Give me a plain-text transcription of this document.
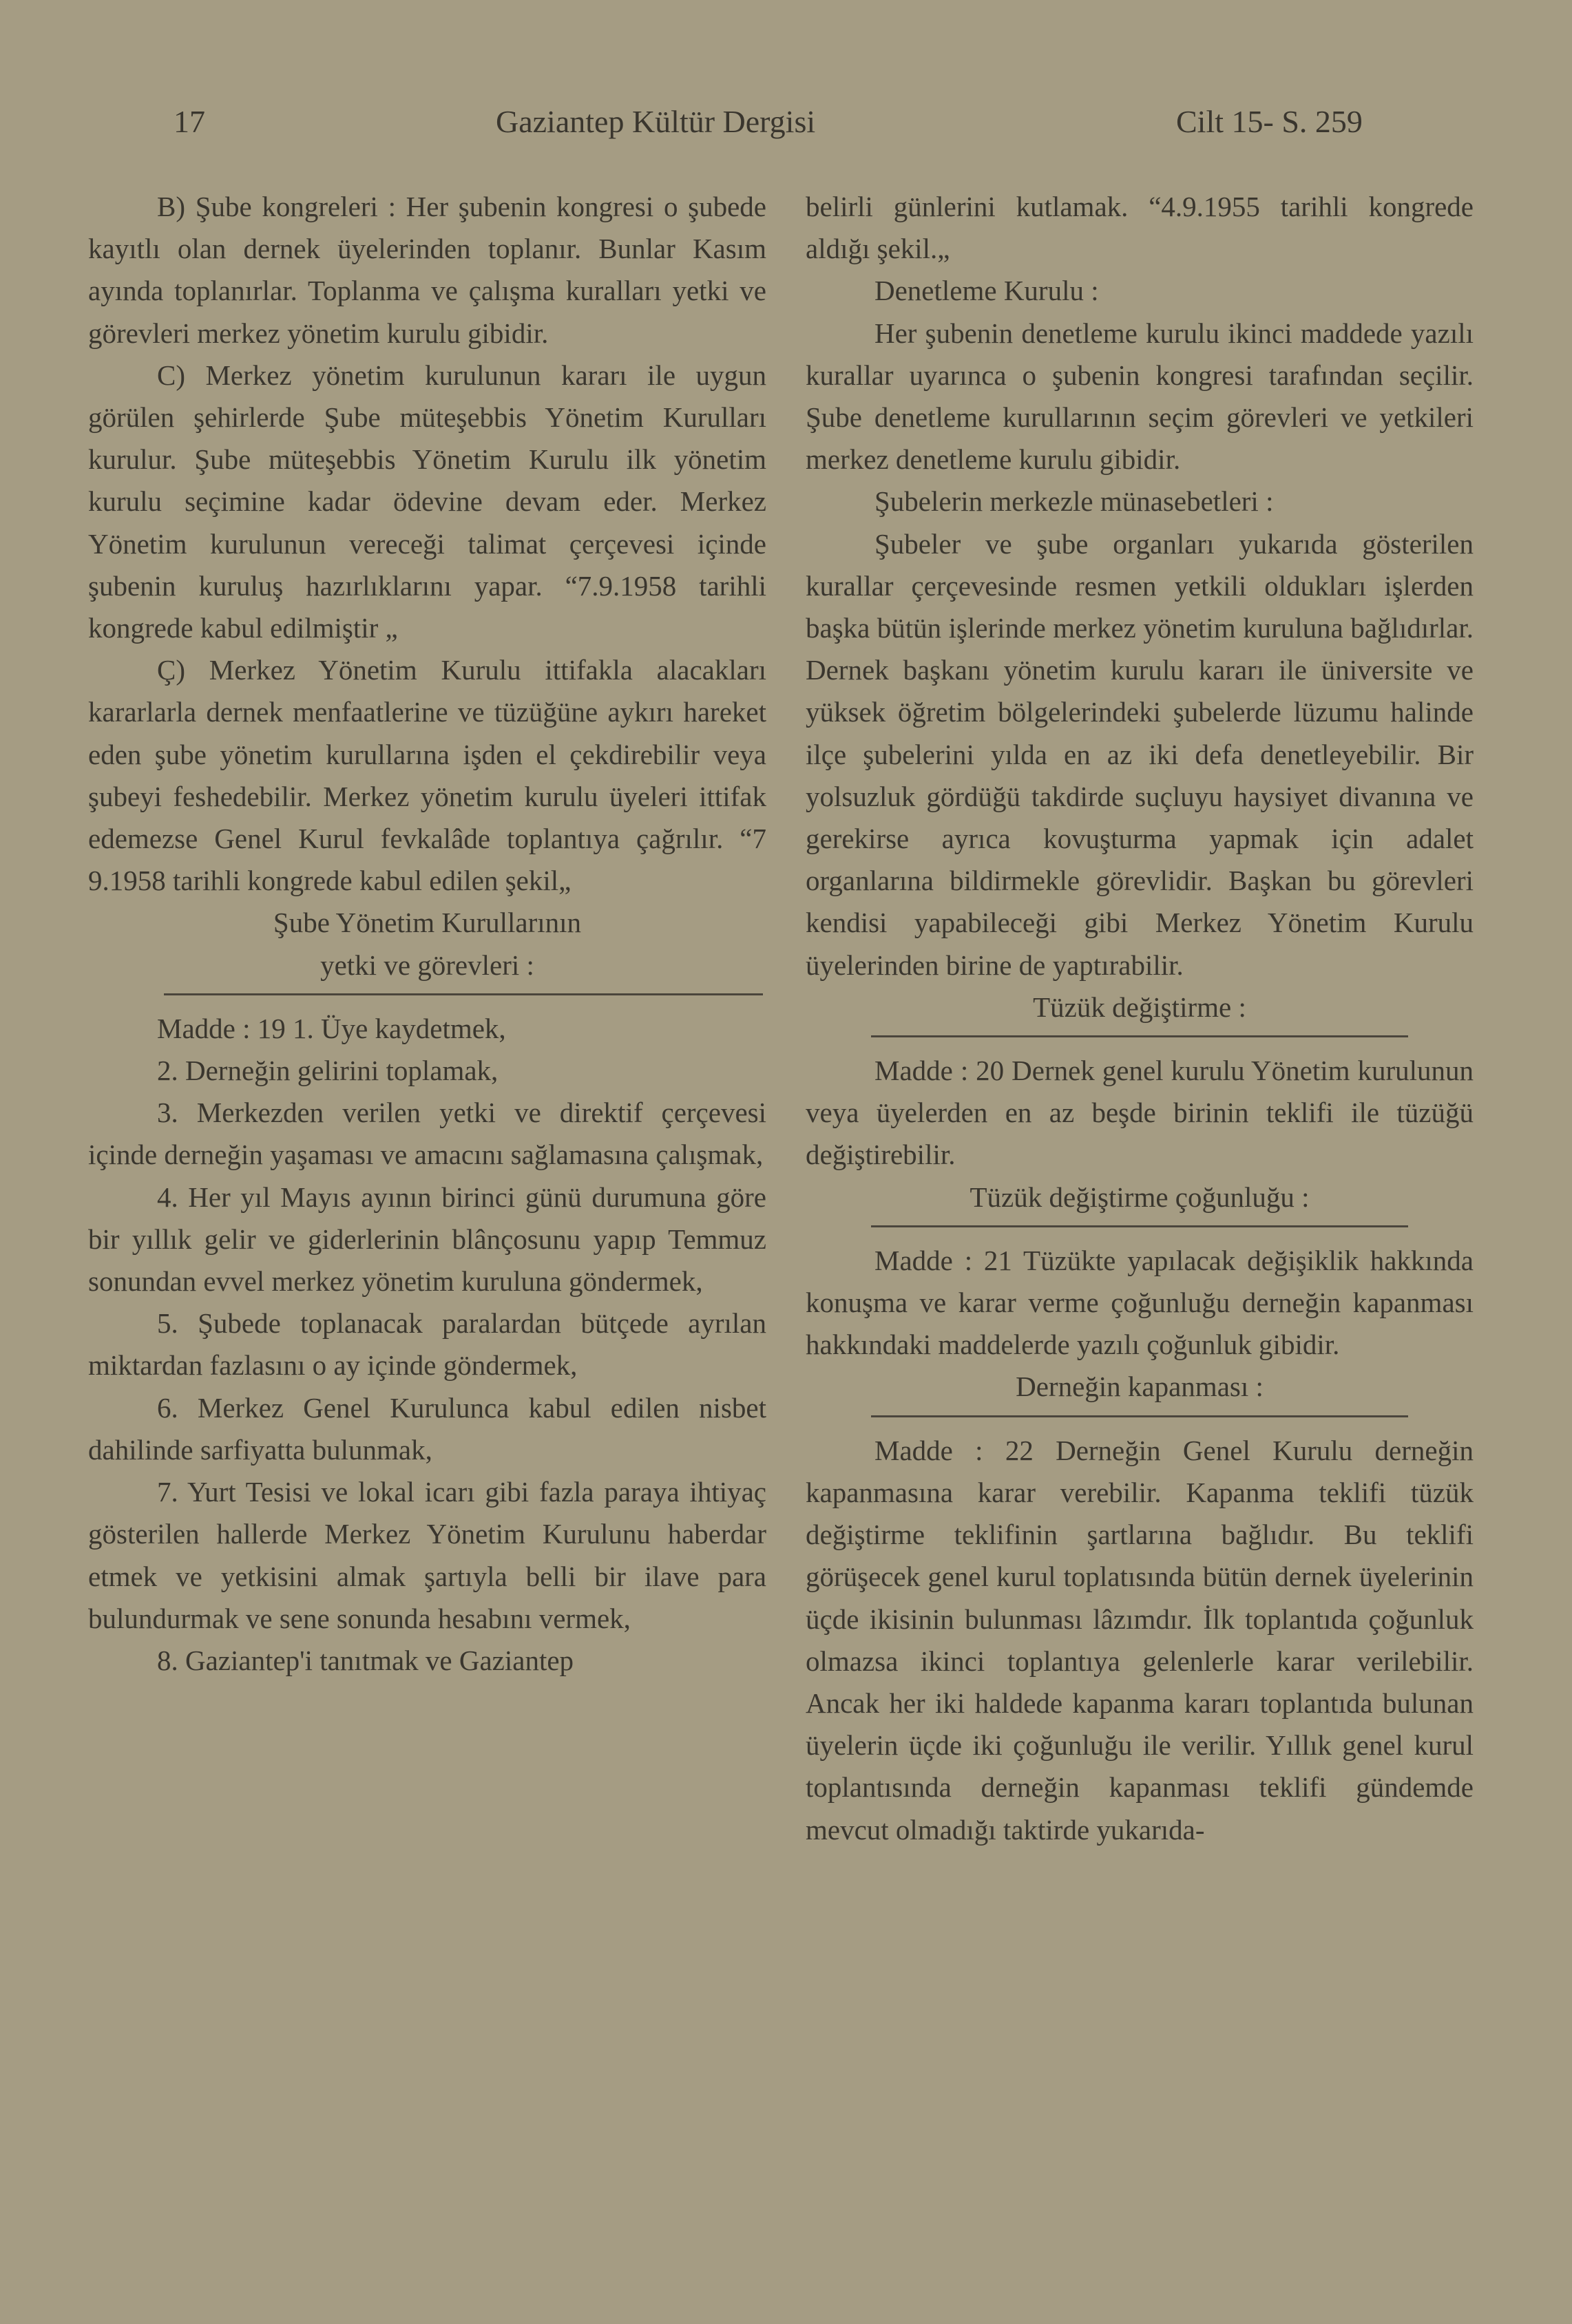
17	Gaziantep Kültür Dergisi	Cilt 15- S. 259

B) Şube kongreleri : Her şubenin kongresi o şubede kayıtlı olan dernek üyelerinden toplanır. Bunlar Kasım ayında toplanırlar. Toplanma ve çalışma kuralları yetki ve görevleri merkez yönetim kurulu gibidir.

C) Merkez yönetim kurulunun kararı ile uygun görülen şehirlerde Şube müteşebbis Yönetim Kurulları kurulur. Şube müteşebbis Yönetim Kurulu ilk yönetim kurulu seçimine kadar ödevine devam eder. Merkez Yönetim kurulunun vereceği talimat çerçevesi içinde şubenin kuruluş hazırlıklarını yapar. “7.9.1958 tarihli kongrede kabul edilmiştir „

Ç) Merkez Yönetim Kurulu ittifakla alacakları kararlarla dernek menfaatlerine ve tüzüğüne aykırı hareket eden şube yönetim kurullarına işden el çekdirebilir veya şubeyi feshedebilir. Merkez yönetim kurulu üyeleri ittifak edemezse Genel Kurul fevkalâde toplantıya çağrılır. “7 9.1958 tarihli kongrede kabul edilen şekil„

Şube Yönetim Kurullarının

yetki ve görevleri :

Madde : 19 1. Üye kaydetmek,

2. Derneğin gelirini toplamak,

3. Merkezden verilen yetki ve direktif çerçevesi içinde derneğin yaşaması ve amacını sağlamasına çalışmak,

4. Her yıl Mayıs ayının birinci günü durumuna göre bir yıllık gelir ve giderlerinin blânçosunu yapıp Temmuz sonundan evvel merkez yönetim kuruluna göndermek,

5. Şubede toplanacak paralardan bütçede ayrılan miktardan fazlasını o ay içinde göndermek,

6. Merkez Genel Kurulunca kabul edilen nisbet dahilinde sarfiyatta bulunmak,

7. Yurt Tesisi ve lokal icarı gibi fazla paraya ihtiyaç gösterilen hallerde Merkez Yönetim Kurulunu haberdar etmek ve yetkisini almak şartıyla belli bir ilave para bulundurmak ve sene sonunda hesabını vermek,

8. Gaziantep'i tanıtmak ve Gaziantep

belirli günlerini kutlamak. “4.9.1955 tarihli kongrede aldığı şekil.„

Denetleme Kurulu :

Her şubenin denetleme kurulu ikinci maddede yazılı kurallar uyarınca o şubenin kongresi tarafından seçilir. Şube denetleme kurullarının seçim görevleri ve yetkileri merkez denetleme kurulu gibidir.

Şubelerin merkezle münasebetleri :

Şubeler ve şube organları yukarıda gösterilen kurallar çerçevesinde resmen yetkili oldukları işlerden başka bütün işlerinde merkez yönetim kuruluna bağlıdırlar. Dernek başkanı yönetim kurulu kararı ile üniversite ve yüksek öğretim bölgelerindeki şubelerde lüzumu halinde ilçe şubelerini yılda en az iki defa denetleyebilir. Bir yolsuzluk gördüğü takdirde suçluyu haysiyet divanına ve gerekirse ayrıca kovuşturma yapmak için adalet organlarına bildirmekle görevlidir. Başkan bu görevleri kendisi yapabileceği gibi Merkez Yönetim Kurulu üyelerinden birine de yaptırabilir.

Tüzük değiştirme :

Madde : 20 Dernek genel kurulu Yönetim kurulunun veya üyelerden en az beşde birinin teklifi ile tüzüğü değiştirebilir.

Tüzük değiştirme çoğunluğu :

Madde : 21 Tüzükte yapılacak değişiklik hakkında konuşma ve karar verme çoğunluğu derneğin kapanması hakkındaki maddelerde yazılı çoğunluk gibidir.

Derneğin kapanması :

Madde : 22 Derneğin Genel Kurulu derneğin kapanmasına karar verebilir. Kapanma teklifi tüzük değiştirme teklifinin şartlarına bağlıdır. Bu teklifi görüşecek genel kurul toplatısında bütün dernek üyelerinin üçde ikisinin bulunması lâzımdır. İlk toplantıda çoğunluk olmazsa ikinci toplantıya gelenlerle karar verilebilir. Ancak her iki haldede kapanma kararı toplantıda bulunan üyelerin üçde iki çoğunluğu ile verilir. Yıllık genel kurul toplantısında derneğin kapanması teklifi gündemde mevcut olmadığı taktirde yukarıda-
